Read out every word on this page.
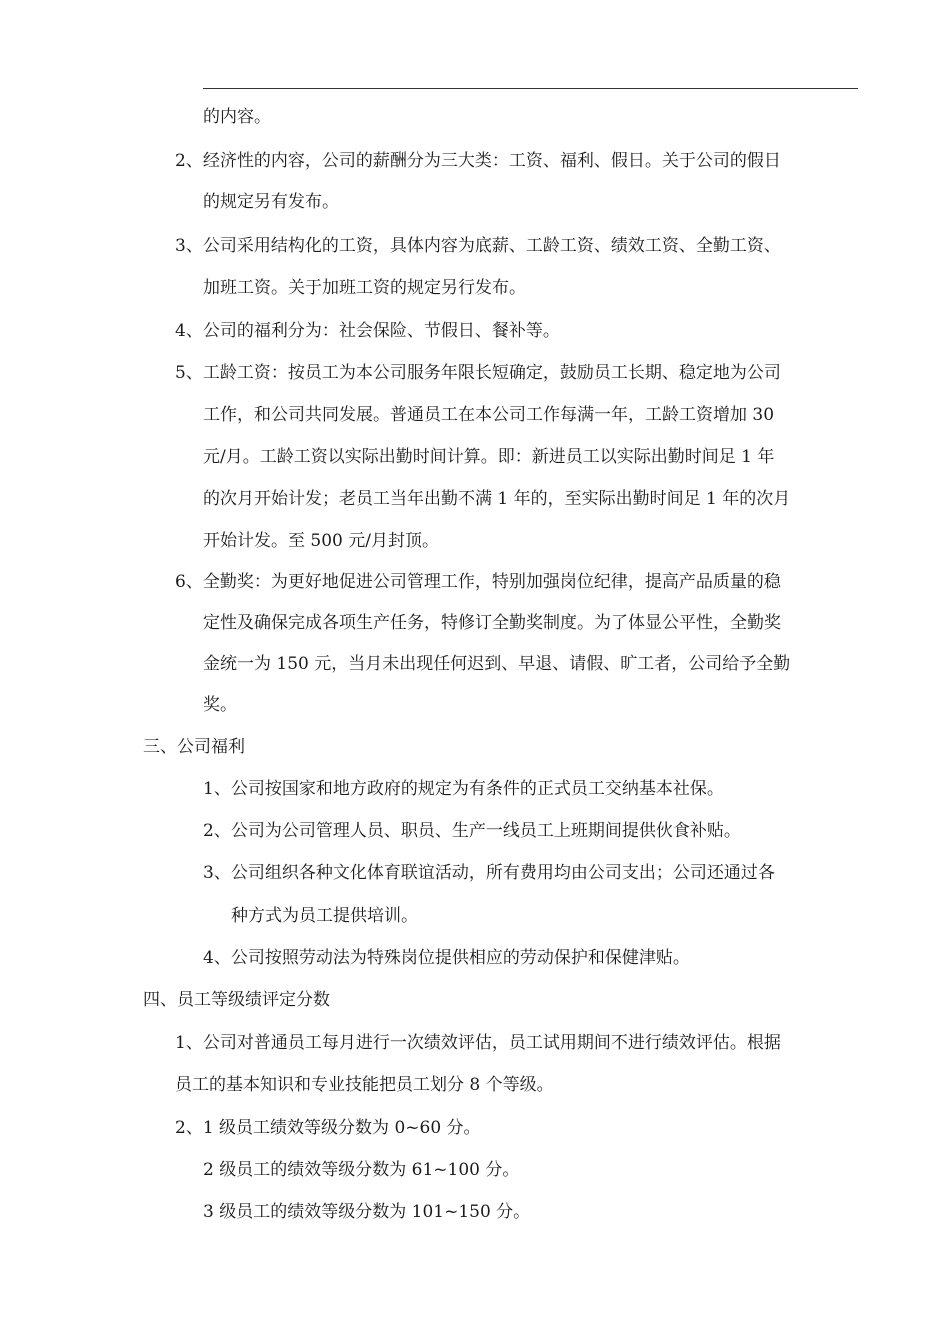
的内容。
2、经济性的内容，公司的薪酬分为三大类：工资、福利、假日。关于公司的假日
的规定另有发布。
3、公司采用结构化的工资，具体内容为底薪、工龄工资、绩效工资、全勤工资、
加班工资。关于加班工资的规定另行发布。
4、公司的福利分为：社会保险、节假日、餐补等。
5、工龄工资：按员工为本公司服务年限长短确定，鼓励员工长期、稳定地为公司
工作，和公司共同发展。普通员工在本公司工作每满一年，工龄工资增加 30
元/月。工龄工资以实际出勤时间计算。即：新进员工以实际出勤时间足 1 年
的次月开始计发；老员工当年出勤不满 1 年的，至实际出勤时间足 1 年的次月
开始计发。至 500 元/月封顶。
6、全勤奖：为更好地促进公司管理工作，特别加强岗位纪律，提高产品质量的稳
定性及确保完成各项生产任务，特修订全勤奖制度。为了体显公平性，全勤奖
金统一为 150 元，当月未出现任何迟到、早退、请假、旷工者，公司给予全勤
奖。
三、公司福利
1、公司按国家和地方政府的规定为有条件的正式员工交纳基本社保。
2、公司为公司管理人员、职员、生产一线员工上班期间提供伙食补贴。
3、公司组织各种文化体育联谊活动，所有费用均由公司支出；公司还通过各
种方式为员工提供培训。
4、公司按照劳动法为特殊岗位提供相应的劳动保护和保健津贴。
四、员工等级绩评定分数
1、公司对普通员工每月进行一次绩效评估，员工试用期间不进行绩效评估。根据
员工的基本知识和专业技能把员工划分 8 个等级。
2、1 级员工绩效等级分数为 0~60 分。
2 级员工的绩效等级分数为 61~100 分。
3 级员工的绩效等级分数为 101~150 分。
